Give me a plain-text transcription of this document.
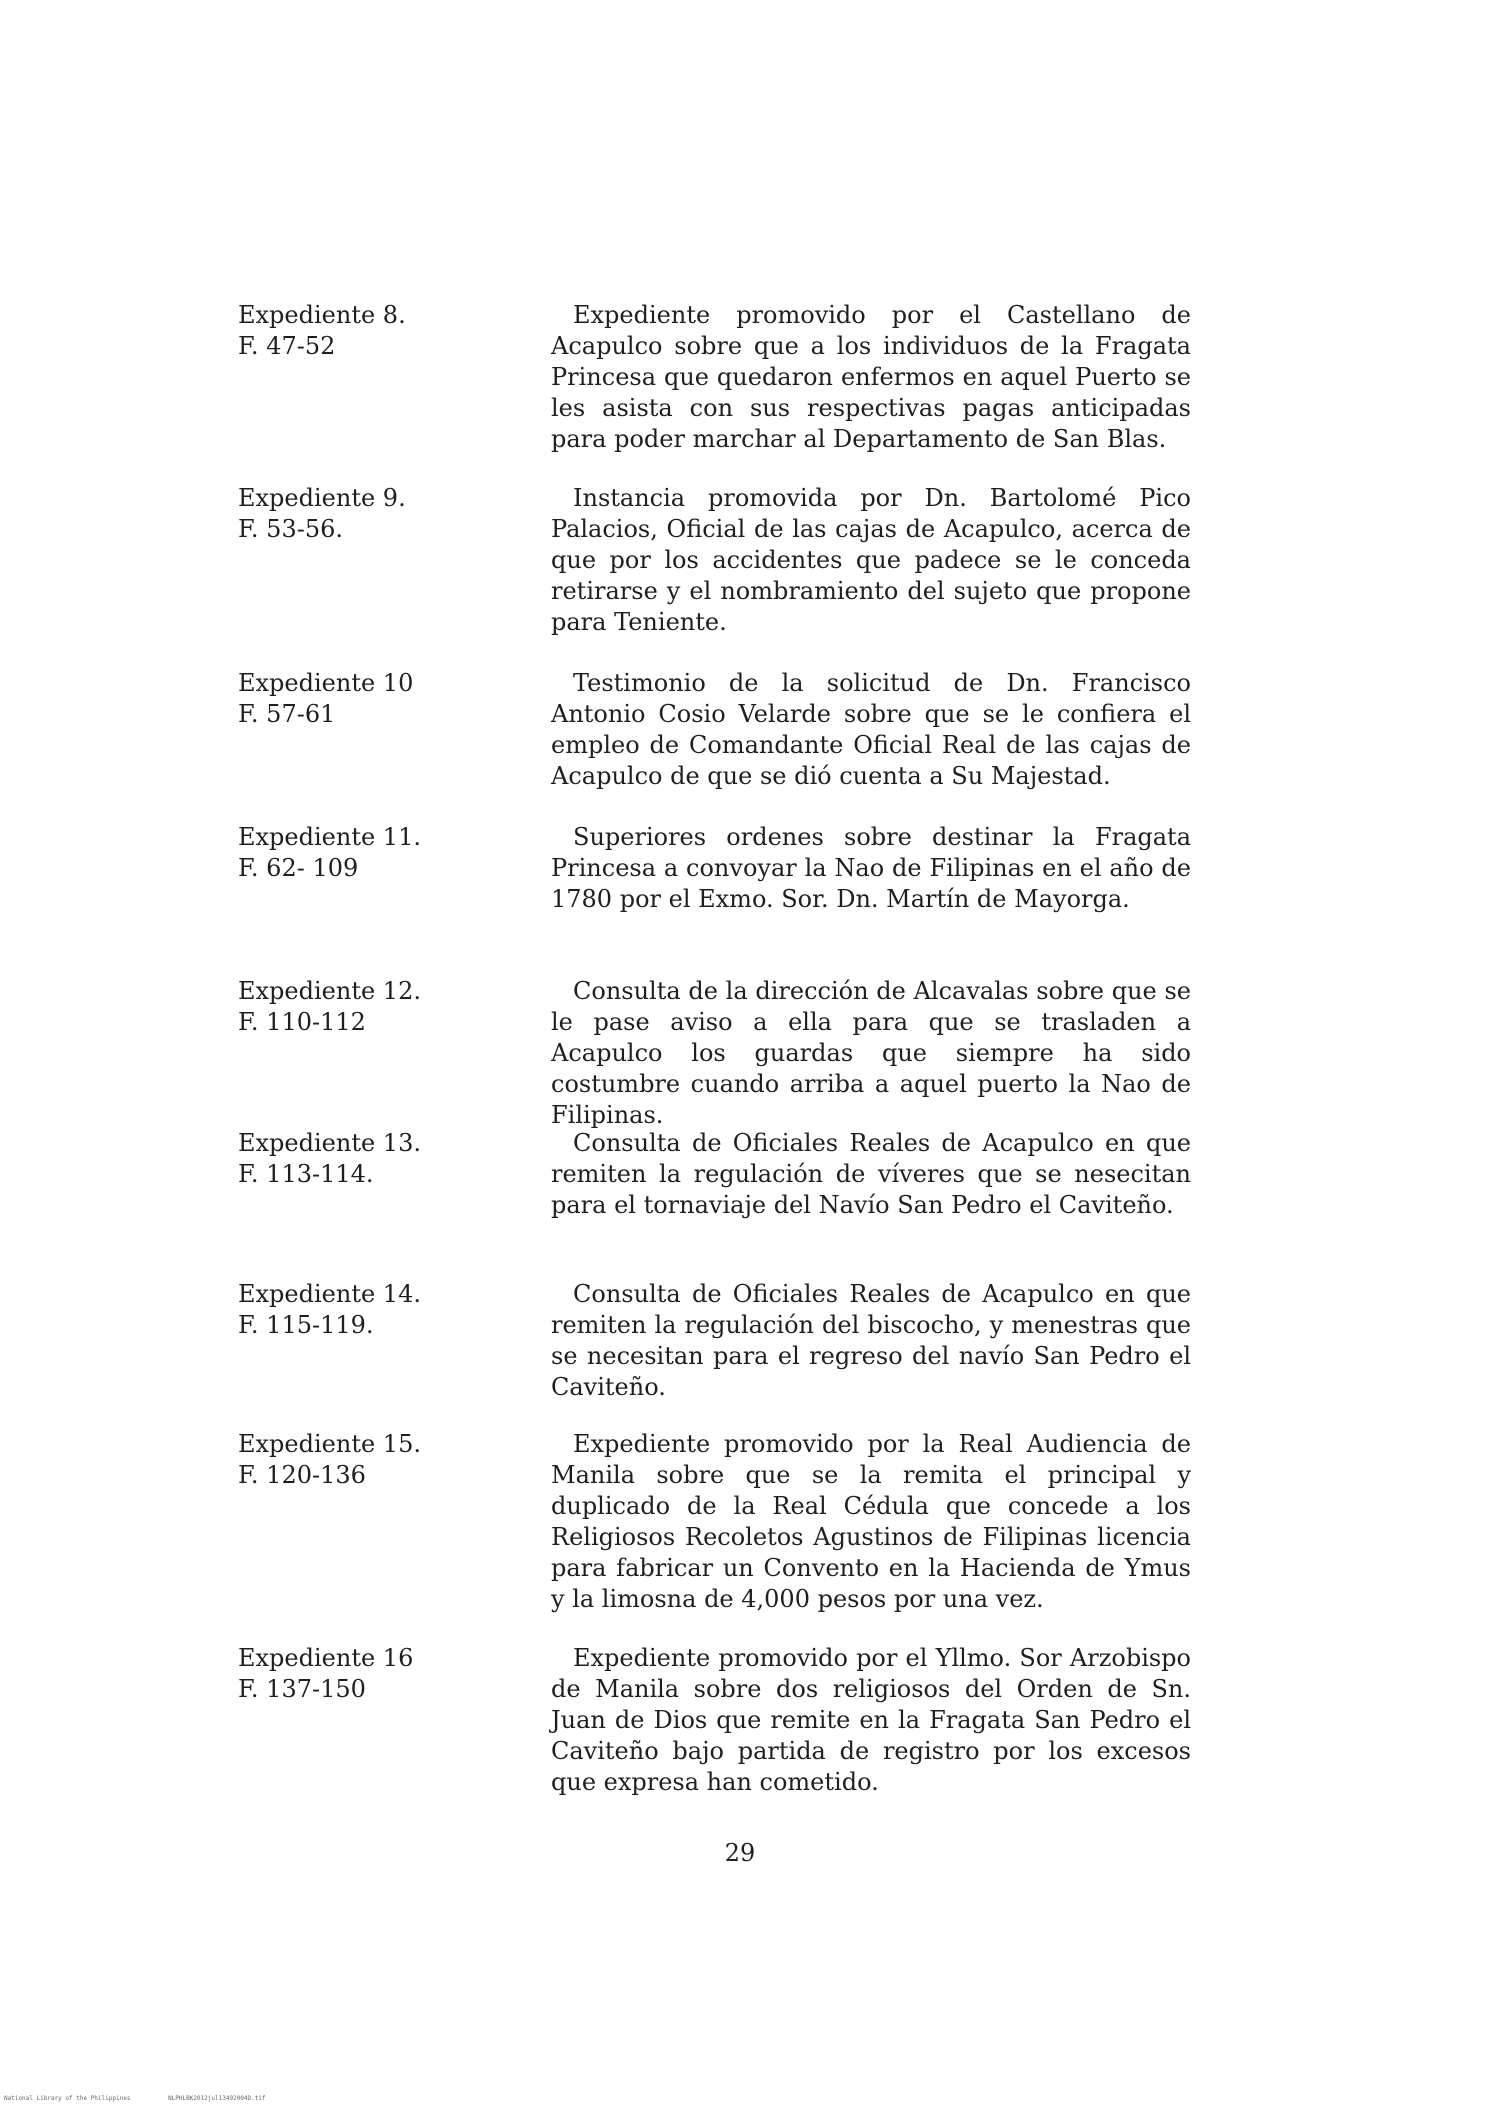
Expediente 8.
F. 47-52
Expediente promovido por el Castellano de Acapulco sobre que a los individuos de la Fragata Princesa que quedaron enfermos en aquel Puerto se les asista con sus respectivas pagas anticipadas para poder marchar al Departamento de San Blas.
Expediente 9.
F. 53-56.
Instancia promovida por Dn. Bartolomé Pico Palacios, Oficial de las cajas de Acapulco, acerca de que por los accidentes que padece se le conceda retirarse y el nombramiento del sujeto que propone para Teniente.
Expediente 10
F. 57-61
Testimonio de la solicitud de Dn. Francisco Antonio Cosio Velarde sobre que se le confiera el empleo de Comandante Oficial Real de las cajas de Acapulco de que se dió cuenta a Su Majestad.
Expediente 11.
F. 62- 109
Superiores ordenes sobre destinar la Fragata Princesa a convoyar la Nao de Filipinas en el año de 1780 por el Exmo. Sor. Dn. Martín de Mayorga.
Expediente 12.
F. 110-112
Consulta de la dirección de Alcavalas sobre que se le pase aviso a ella para que se trasladen a Acapulco los guardas que siempre ha sido costumbre cuando arriba a aquel puerto la Nao de Filipinas.
Expediente 13.
F. 113-114.
Consulta de Oficiales Reales de Acapulco en que remiten la regulación de víveres que se nesecitan para el tornaviaje del Navío San Pedro el Caviteño.
Expediente 14.
F. 115-119.
Consulta de Oficiales Reales de Acapulco en que remiten la regulación del biscocho, y menestras que se necesitan para el regreso del navío San Pedro el Caviteño.
Expediente 15.
F. 120-136
Expediente promovido por la Real Audiencia de Manila sobre que se la remita el principal y duplicado de la Real Cédula que concede a los Religiosos Recoletos Agustinos de Filipinas licencia para fabricar un Convento en la Hacienda de Ymus y la limosna de 4,000 pesos por una vez.
Expediente 16
F. 137-150
Expediente promovido por el Yllmo. Sor Arzobispo de Manila sobre dos religiosos del Orden de Sn. Juan de Dios que remite en la Fragata San Pedro el Caviteño bajo partida de registro por los excesos que expresa han cometido.
29
National Library of the Philippines	NLPHLBK2012jul13492004D.tif
